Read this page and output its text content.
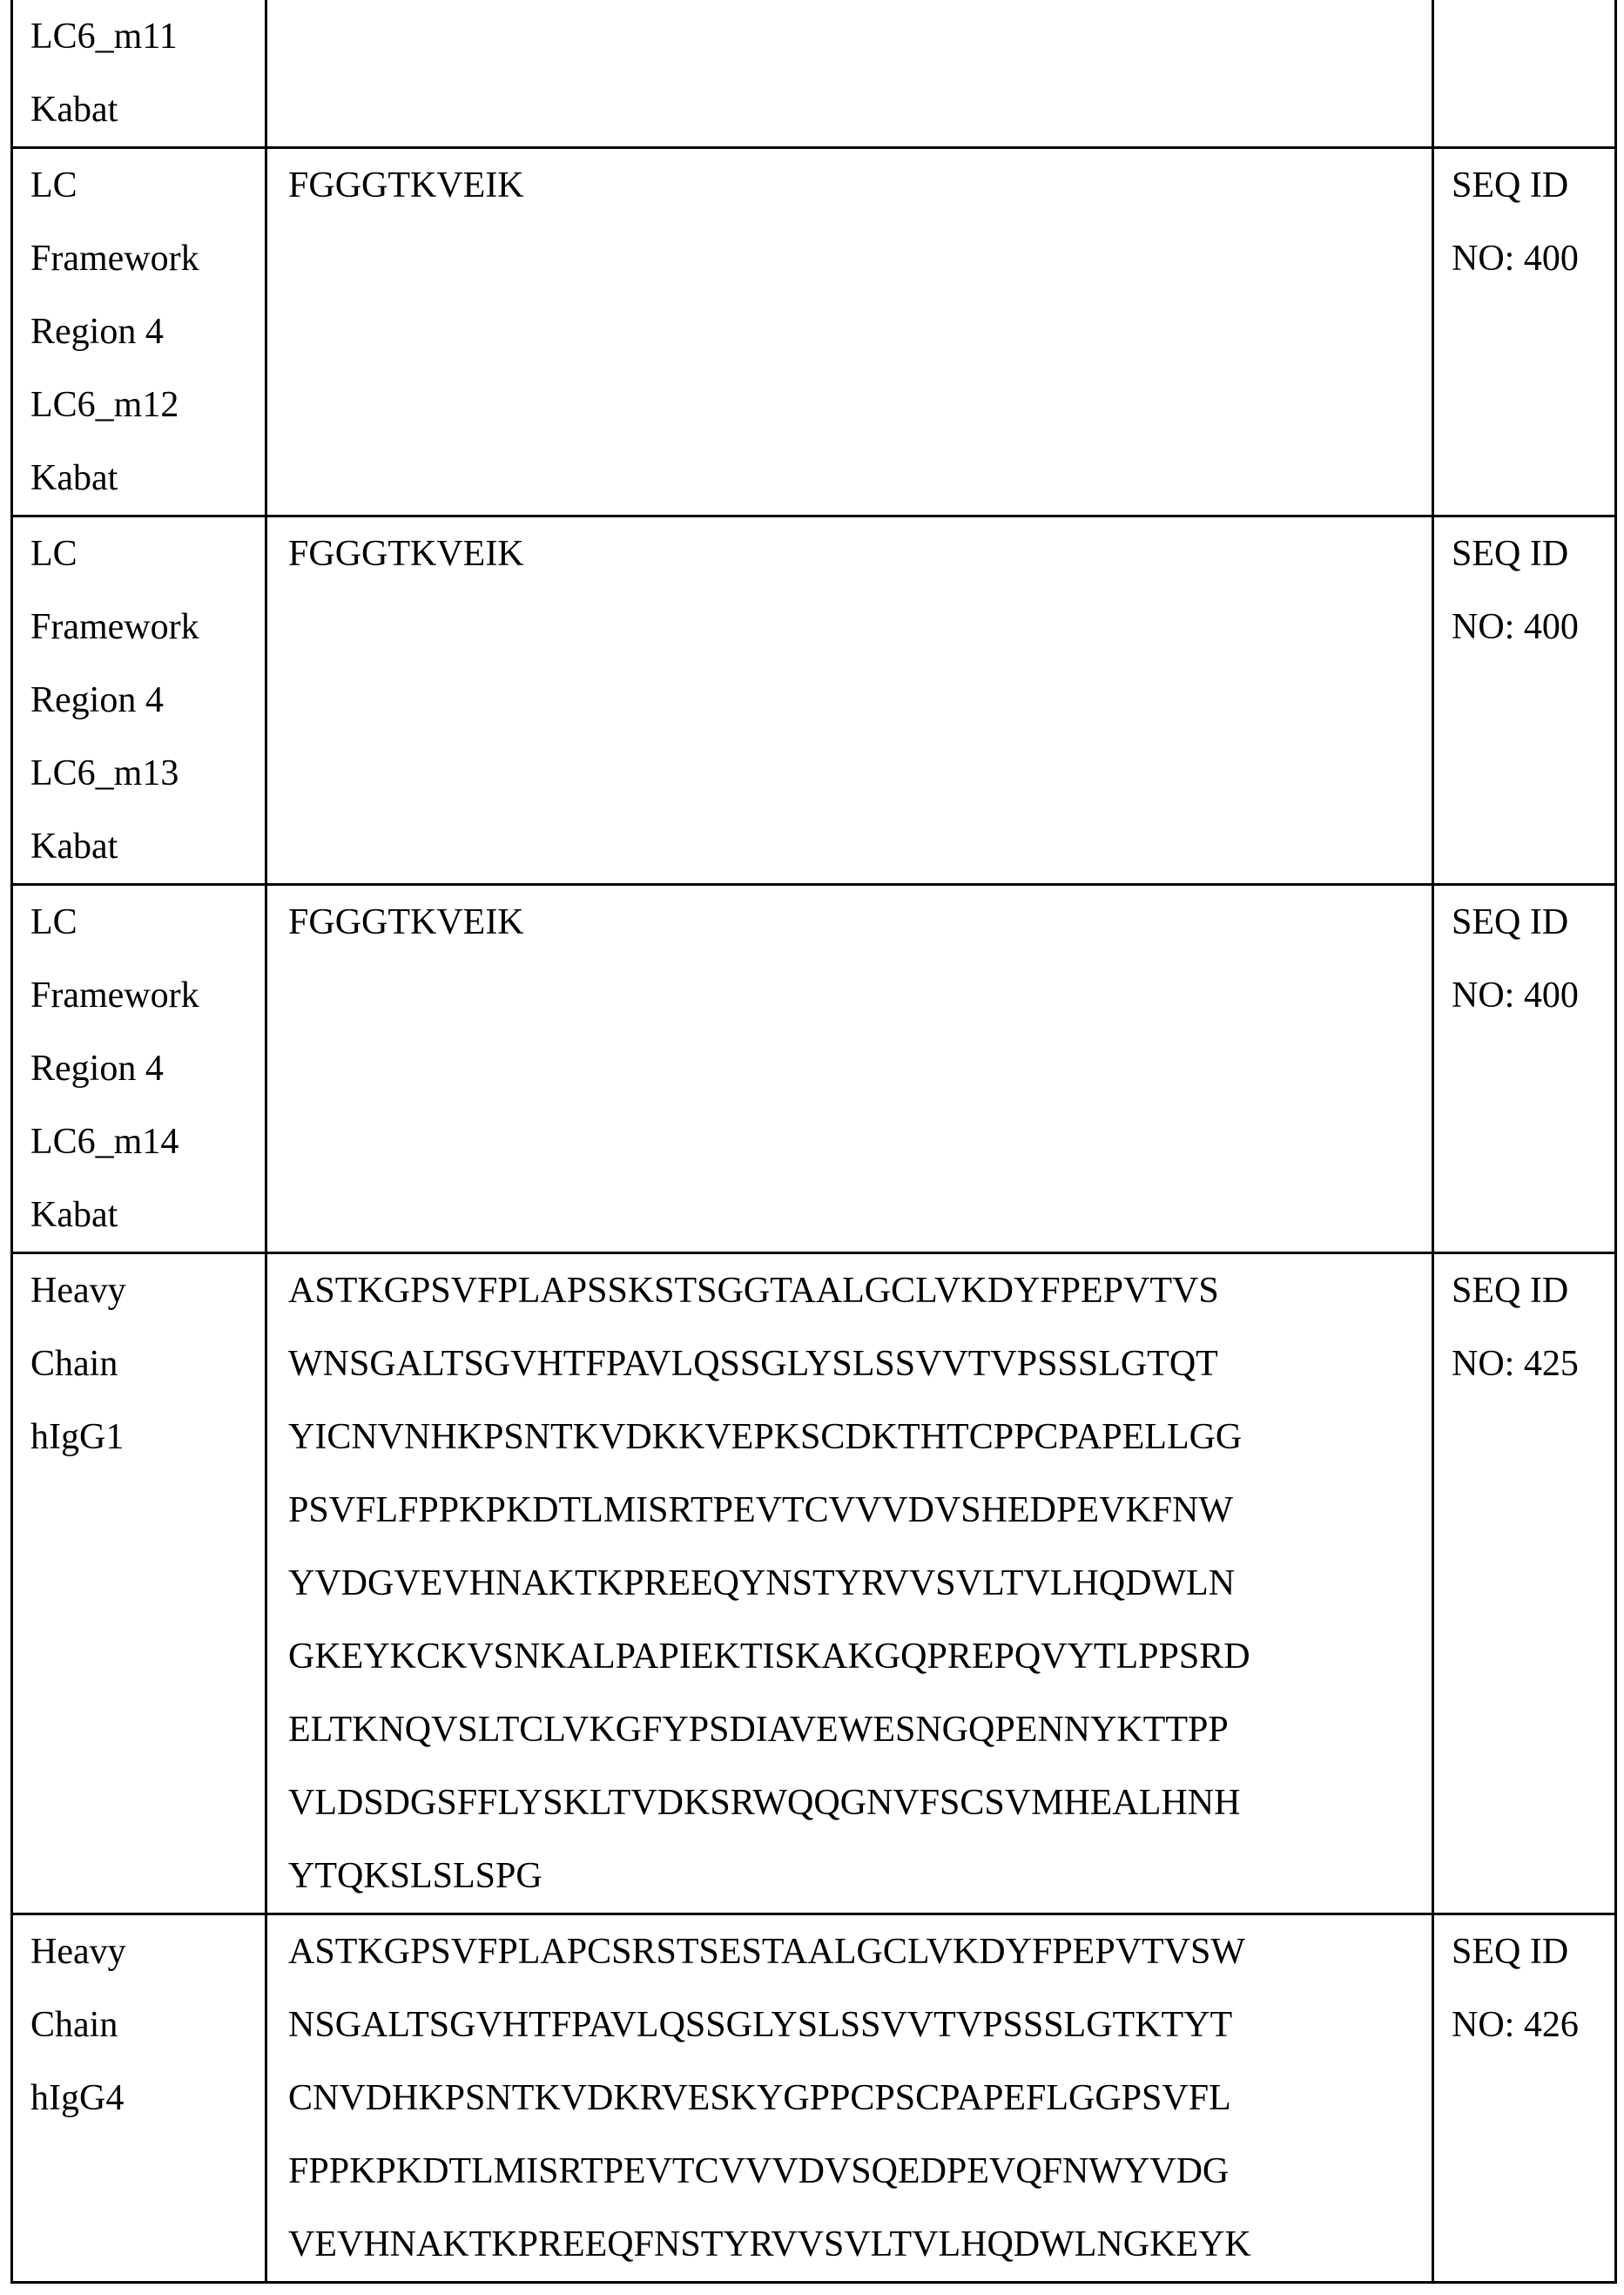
LC6_m11
Kabat

LC
Framework
Region 4
LC6_m12
Kabat

FGGGTKVEIK	SEQ ID
NO: 400

LC
Framework
Region 4
LC6_m13
Kabat

FGGGTKVEIK	SEQ ID
NO: 400

LC
Framework
Region 4
LC6_m14
Kabat

FGGGTKVEIK	SEQ ID
NO: 400

Heavy
Chain
hIgG1

ASTKGPSVFPLAPSSKSTSGGTAALGCLVKDYFPEPVTVS
WNSGALTSGVHTFPAVLQSSGLYSLSSVVTVPSSSLGTQT
YICNVNHKPSNTKVDKKVEPKSCDKTHTCPPCPAPELLGG
PSVFLFPPKPKDTLMISRTPEVTCVVVDVSHEDPEVKFNW
YVDGVEVHNAKTKPREEQYNSTYRVVSVLTVLHQDWLN
GKEYKCKVSNKALPAPIEKTISKAKGQPREPQVYTLPPSRD
ELTKNQVSLTCLVKGFYPSDIAVEWESNGQPENNYKTTPP
VLDSDGSFFLYSKLTVDKSRWQQGNVFSCSVMHEALHNH
YTQKSLSLSPG

SEQ ID
NO: 425

Heavy
Chain
hIgG4

ASTKGPSVFPLAPCSRSTSESTAALGCLVKDYFPEPVTVSW
NSGALTSGVHTFPAVLQSSGLYSLSSVVTVPSSSLGTKTYT
CNVDHKPSNTKVDKRVESKYGPPCPSCPAPEFLGGPSVFL
FPPKPKDTLMISRTPEVTCVVVDVSQEDPEVQFNWYVDG
VEVHNAKTKPREEQFNSTYRVVSVLTVLHQDWLNGKEYK

SEQ ID
NO: 426
